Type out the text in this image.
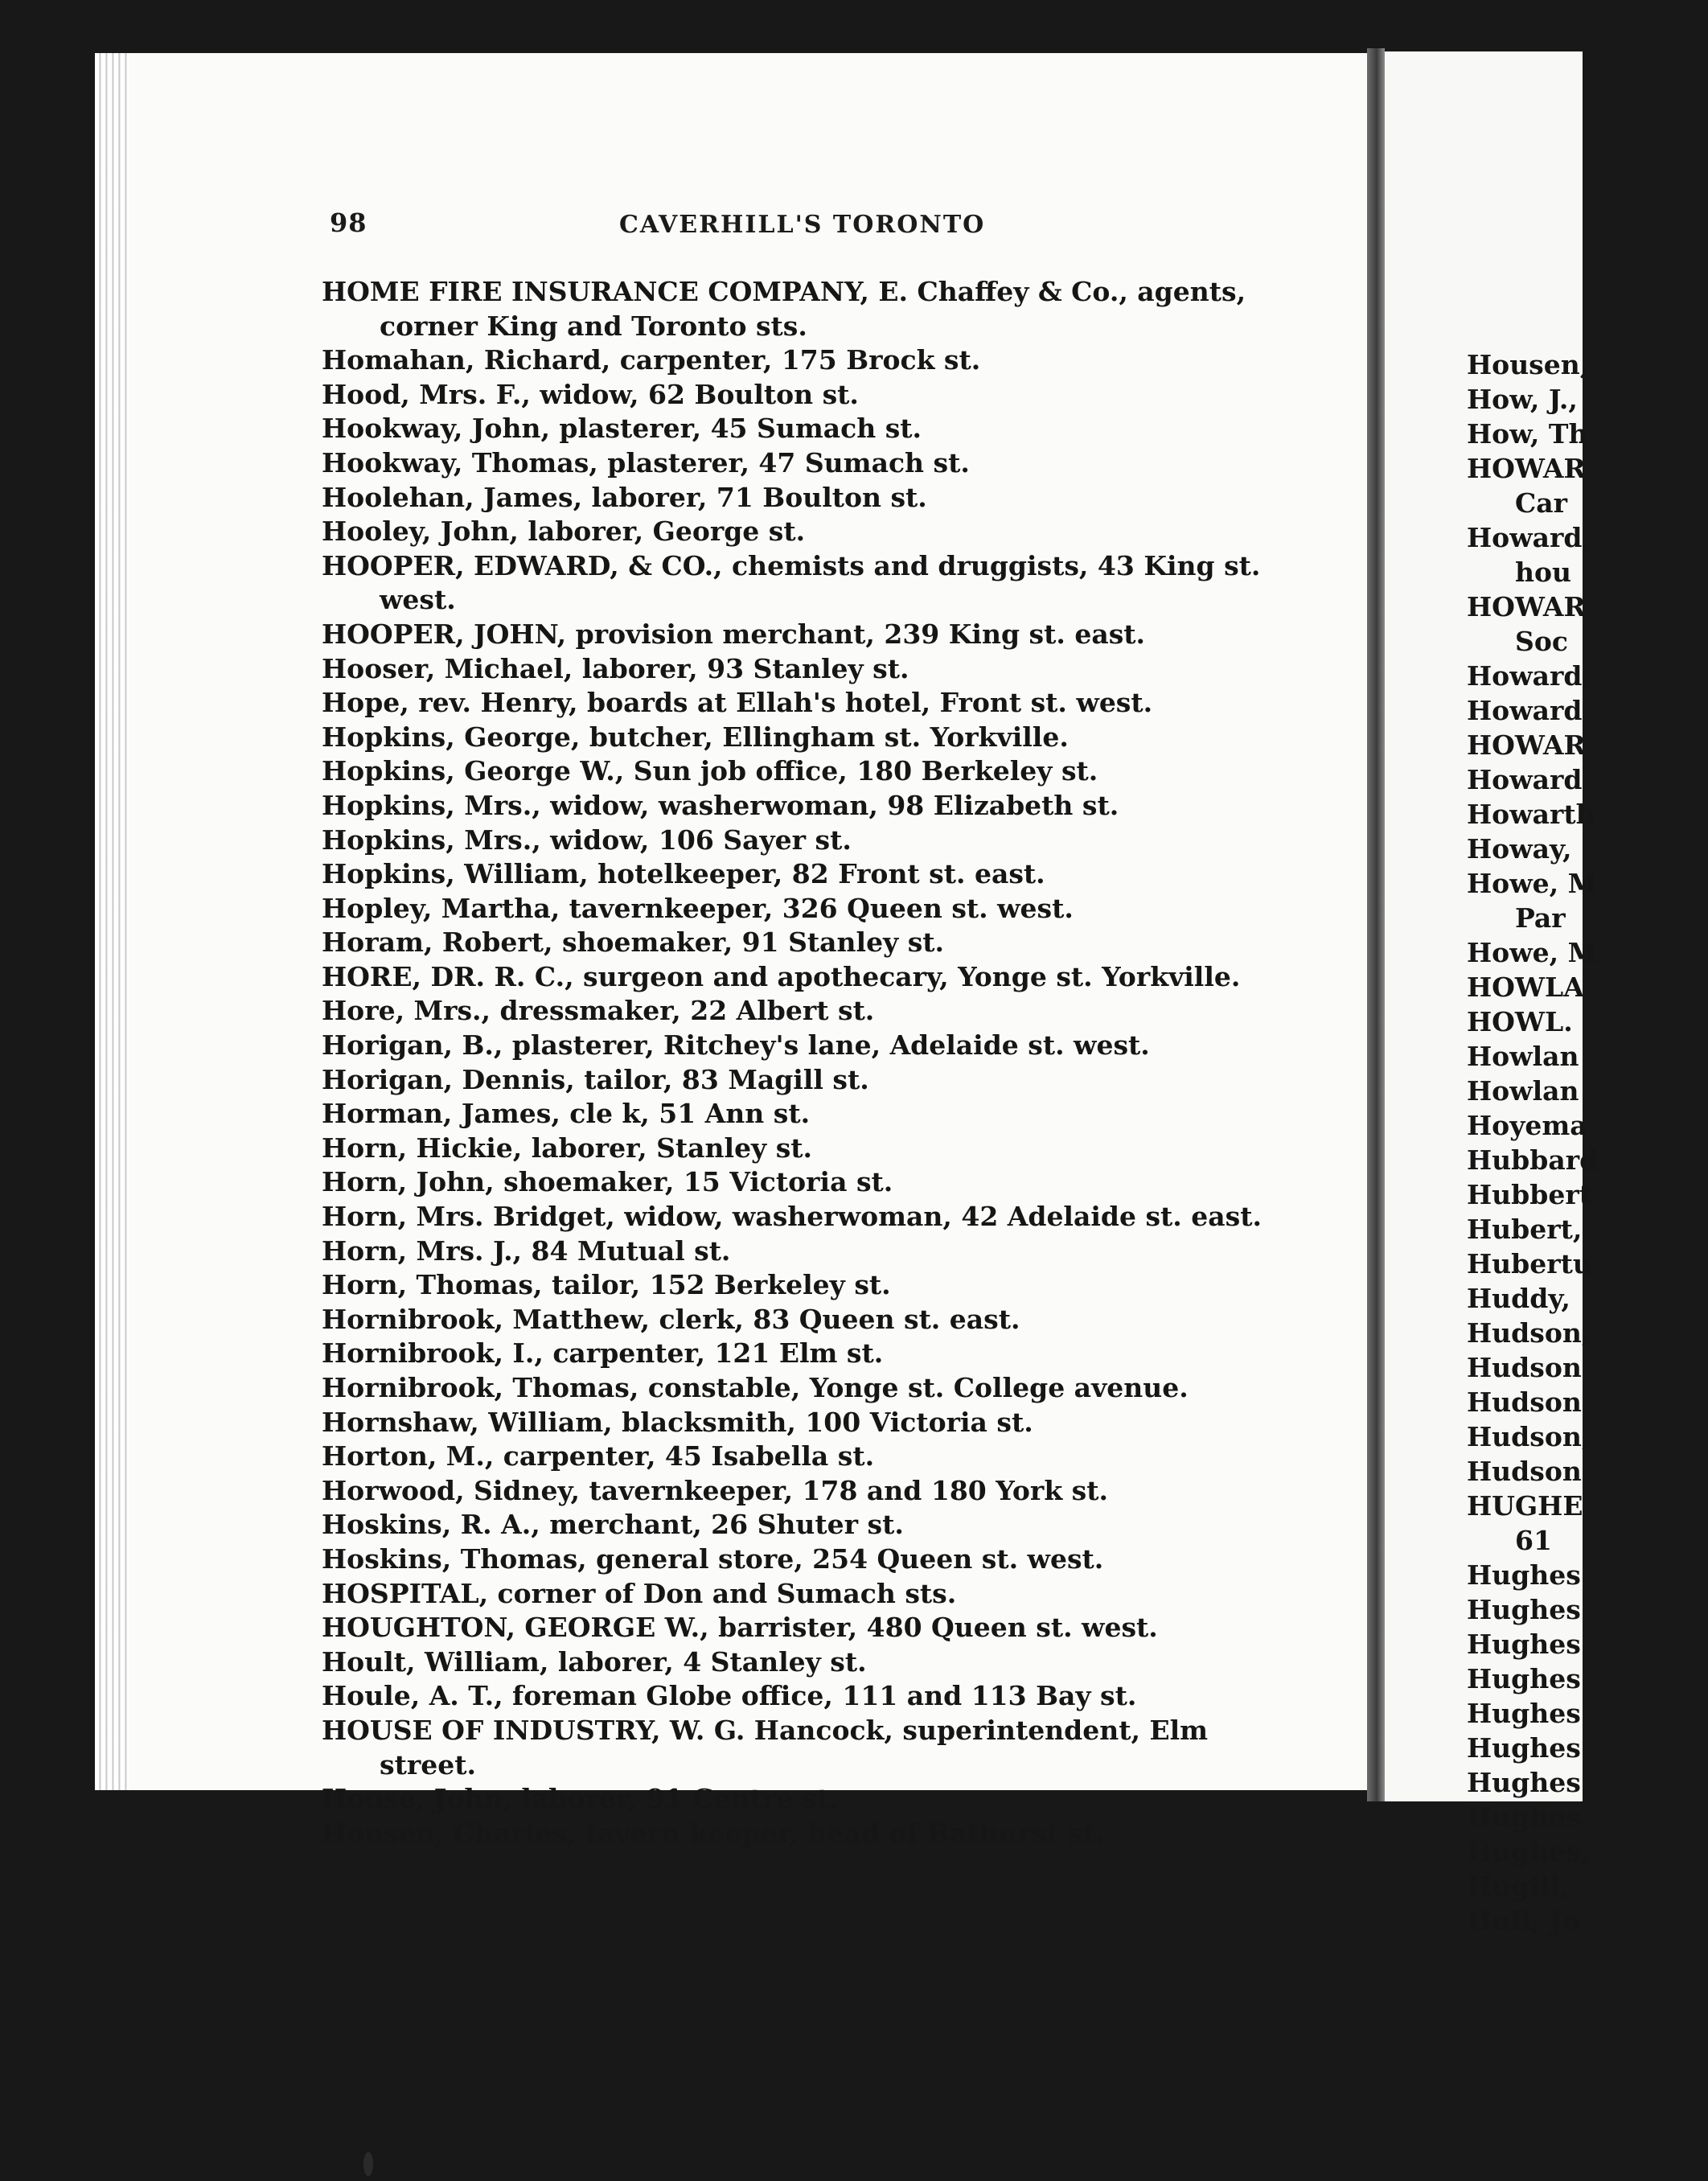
Housen,

How, J.,

How, Th

HOWAR

Car

Howard,

hou

HOWAR

Soc

Howard,

Howard

HOWAR

Howard

Howarth

Howay,

Howe, M

Par

Howe, M

HOWLA

HOWL.

Howlan

Howlan

Hoyema

Hubbard

Hubbert

Hubert,

Hubertu

Huddy,

Hudson,

Hudson

Hudson

Hudson,

Hudson

HUGHE

61

Hughes

Hughes

Hughes

Hughes

Hughes

Hughes

Hughes

Hughes

Hughes,

Hugill,

Hull, Jo

98	CAVERHILL'S TORONTO

HOME FIRE INSURANCE COMPANY, E. Chaffey & Co., agents, corner King and Toronto sts.

Homahan, Richard, carpenter, 175 Brock st.

Hood, Mrs. F., widow, 62 Boulton st.

Hookway, John, plasterer, 45 Sumach st.

Hookway, Thomas, plasterer, 47 Sumach st.

Hoolehan, James, laborer, 71 Boulton st.

Hooley, John, laborer, George st.

HOOPER, EDWARD, & CO., chemists and druggists, 43 King st. west.

HOOPER, JOHN, provision merchant, 239 King st. east.

Hooser, Michael, laborer, 93 Stanley st.

Hope, rev. Henry, boards at Ellah's hotel, Front st. west.

Hopkins, George, butcher, Ellingham st. Yorkville.

Hopkins, George W., Sun job office, 180 Berkeley st.

Hopkins, Mrs., widow, washerwoman, 98 Elizabeth st.

Hopkins, Mrs., widow, 106 Sayer st.

Hopkins, William, hotelkeeper, 82 Front st. east.

Hopley, Martha, tavernkeeper, 326 Queen st. west.

Horam, Robert, shoemaker, 91 Stanley st.

HORE, DR. R. C., surgeon and apothecary, Yonge st. Yorkville.

Hore, Mrs., dressmaker, 22 Albert st.

Horigan, B., plasterer, Ritchey's lane, Adelaide st. west.

Horigan, Dennis, tailor, 83 Magill st.

Horman, James, cle k, 51 Ann st.

Horn, Hickie, laborer, Stanley st.

Horn, John, shoemaker, 15 Victoria st.

Horn, Mrs. Bridget, widow, washerwoman, 42 Adelaide st. east.

Horn, Mrs. J., 84 Mutual st.

Horn, Thomas, tailor, 152 Berkeley st.

Hornibrook, Matthew, clerk, 83 Queen st. east.

Hornibrook, I., carpenter, 121 Elm st.

Hornibrook, Thomas, constable, Yonge st. College avenue.

Hornshaw, William, blacksmith, 100 Victoria st.

Horton, M., carpenter, 45 Isabella st.

Horwood, Sidney, tavernkeeper, 178 and 180 York st.

Hoskins, R. A., merchant, 26 Shuter st.

Hoskins, Thomas, general store, 254 Queen st. west.

HOSPITAL, corner of Don and Sumach sts.

HOUGHTON, GEORGE W., barrister, 480 Queen st. west.

Hoult, William, laborer, 4 Stanley st.

Houle, A. T., foreman Globe office, 111 and 113 Bay st.

HOUSE OF INDUSTRY, W. G. Hancock, superintendent, Elm street.

House, John, laborer, 91 Centre st.

Housen, Charles, tavern keeper, head of Bathurst st.
